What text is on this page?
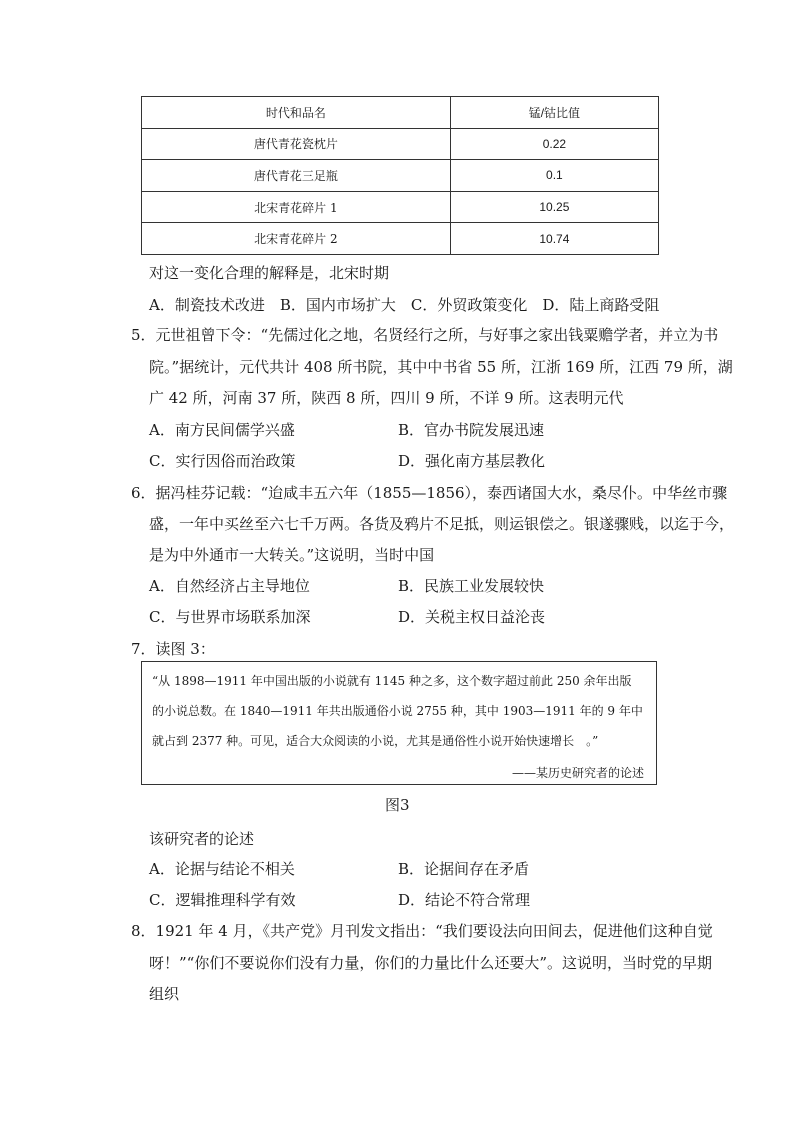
时代和品名	锰/钴比值
唐代青花瓷枕片	0.22
唐代青花三足瓶	0.1
北宋青花碎片 1	10.25
北宋青花碎片 2	10.74
对这一变化合理的解释是，北宋时期
A．制瓷技术改进　B．国内市场扩大　C．外贸政策变化　D．陆上商路受阻
5．元世祖曾下令：“先儒过化之地，名贤经行之所，与好事之家出钱粟赡学者，并立为书
院。”据统计，元代共计 408 所书院，其中中书省 55 所，江浙 169 所，江西 79 所，湖
广 42 所，河南 37 所，陕西 8 所，四川 9 所，不详 9 所。这表明元代
A．南方民间儒学兴盛	B．官办书院发展迅速
C．实行因俗而治政策	D．强化南方基层教化
6．据冯桂芬记载：“迨咸丰五六年（1855—1856），泰西诸国大水，桑尽仆。中华丝市骤
盛，一年中买丝至六七千万两。各货及鸦片不足抵，则运银偿之。银遂骤贱，以迄于今，
是为中外通市一大转关。”这说明，当时中国
A．自然经济占主导地位	B．民族工业发展较快
C．与世界市场联系加深	D．关税主权日益沦丧
7．读图 3：
“从 1898—1911 年中国出版的小说就有 1145 种之多，这个数字超过前此 250 余年出版
的小说总数。在 1840—1911 年共出版通俗小说 2755 种，其中 1903—1911 年的 9 年中
就占到 2377 种。可见，适合大众阅读的小说，尤其是通俗性小说开始快速增长　。”
——某历史研究者的论述
图3
该研究者的论述
A．论据与结论不相关	B．论据间存在矛盾
C．逻辑推理科学有效	D．结论不符合常理
8．1921 年 4 月，《共产党》月刊发文指出：“我们要设法向田间去，促进他们这种自觉
呀！”“你们不要说你们没有力量，你们的力量比什么还要大”。这说明，当时党的早期
组织
